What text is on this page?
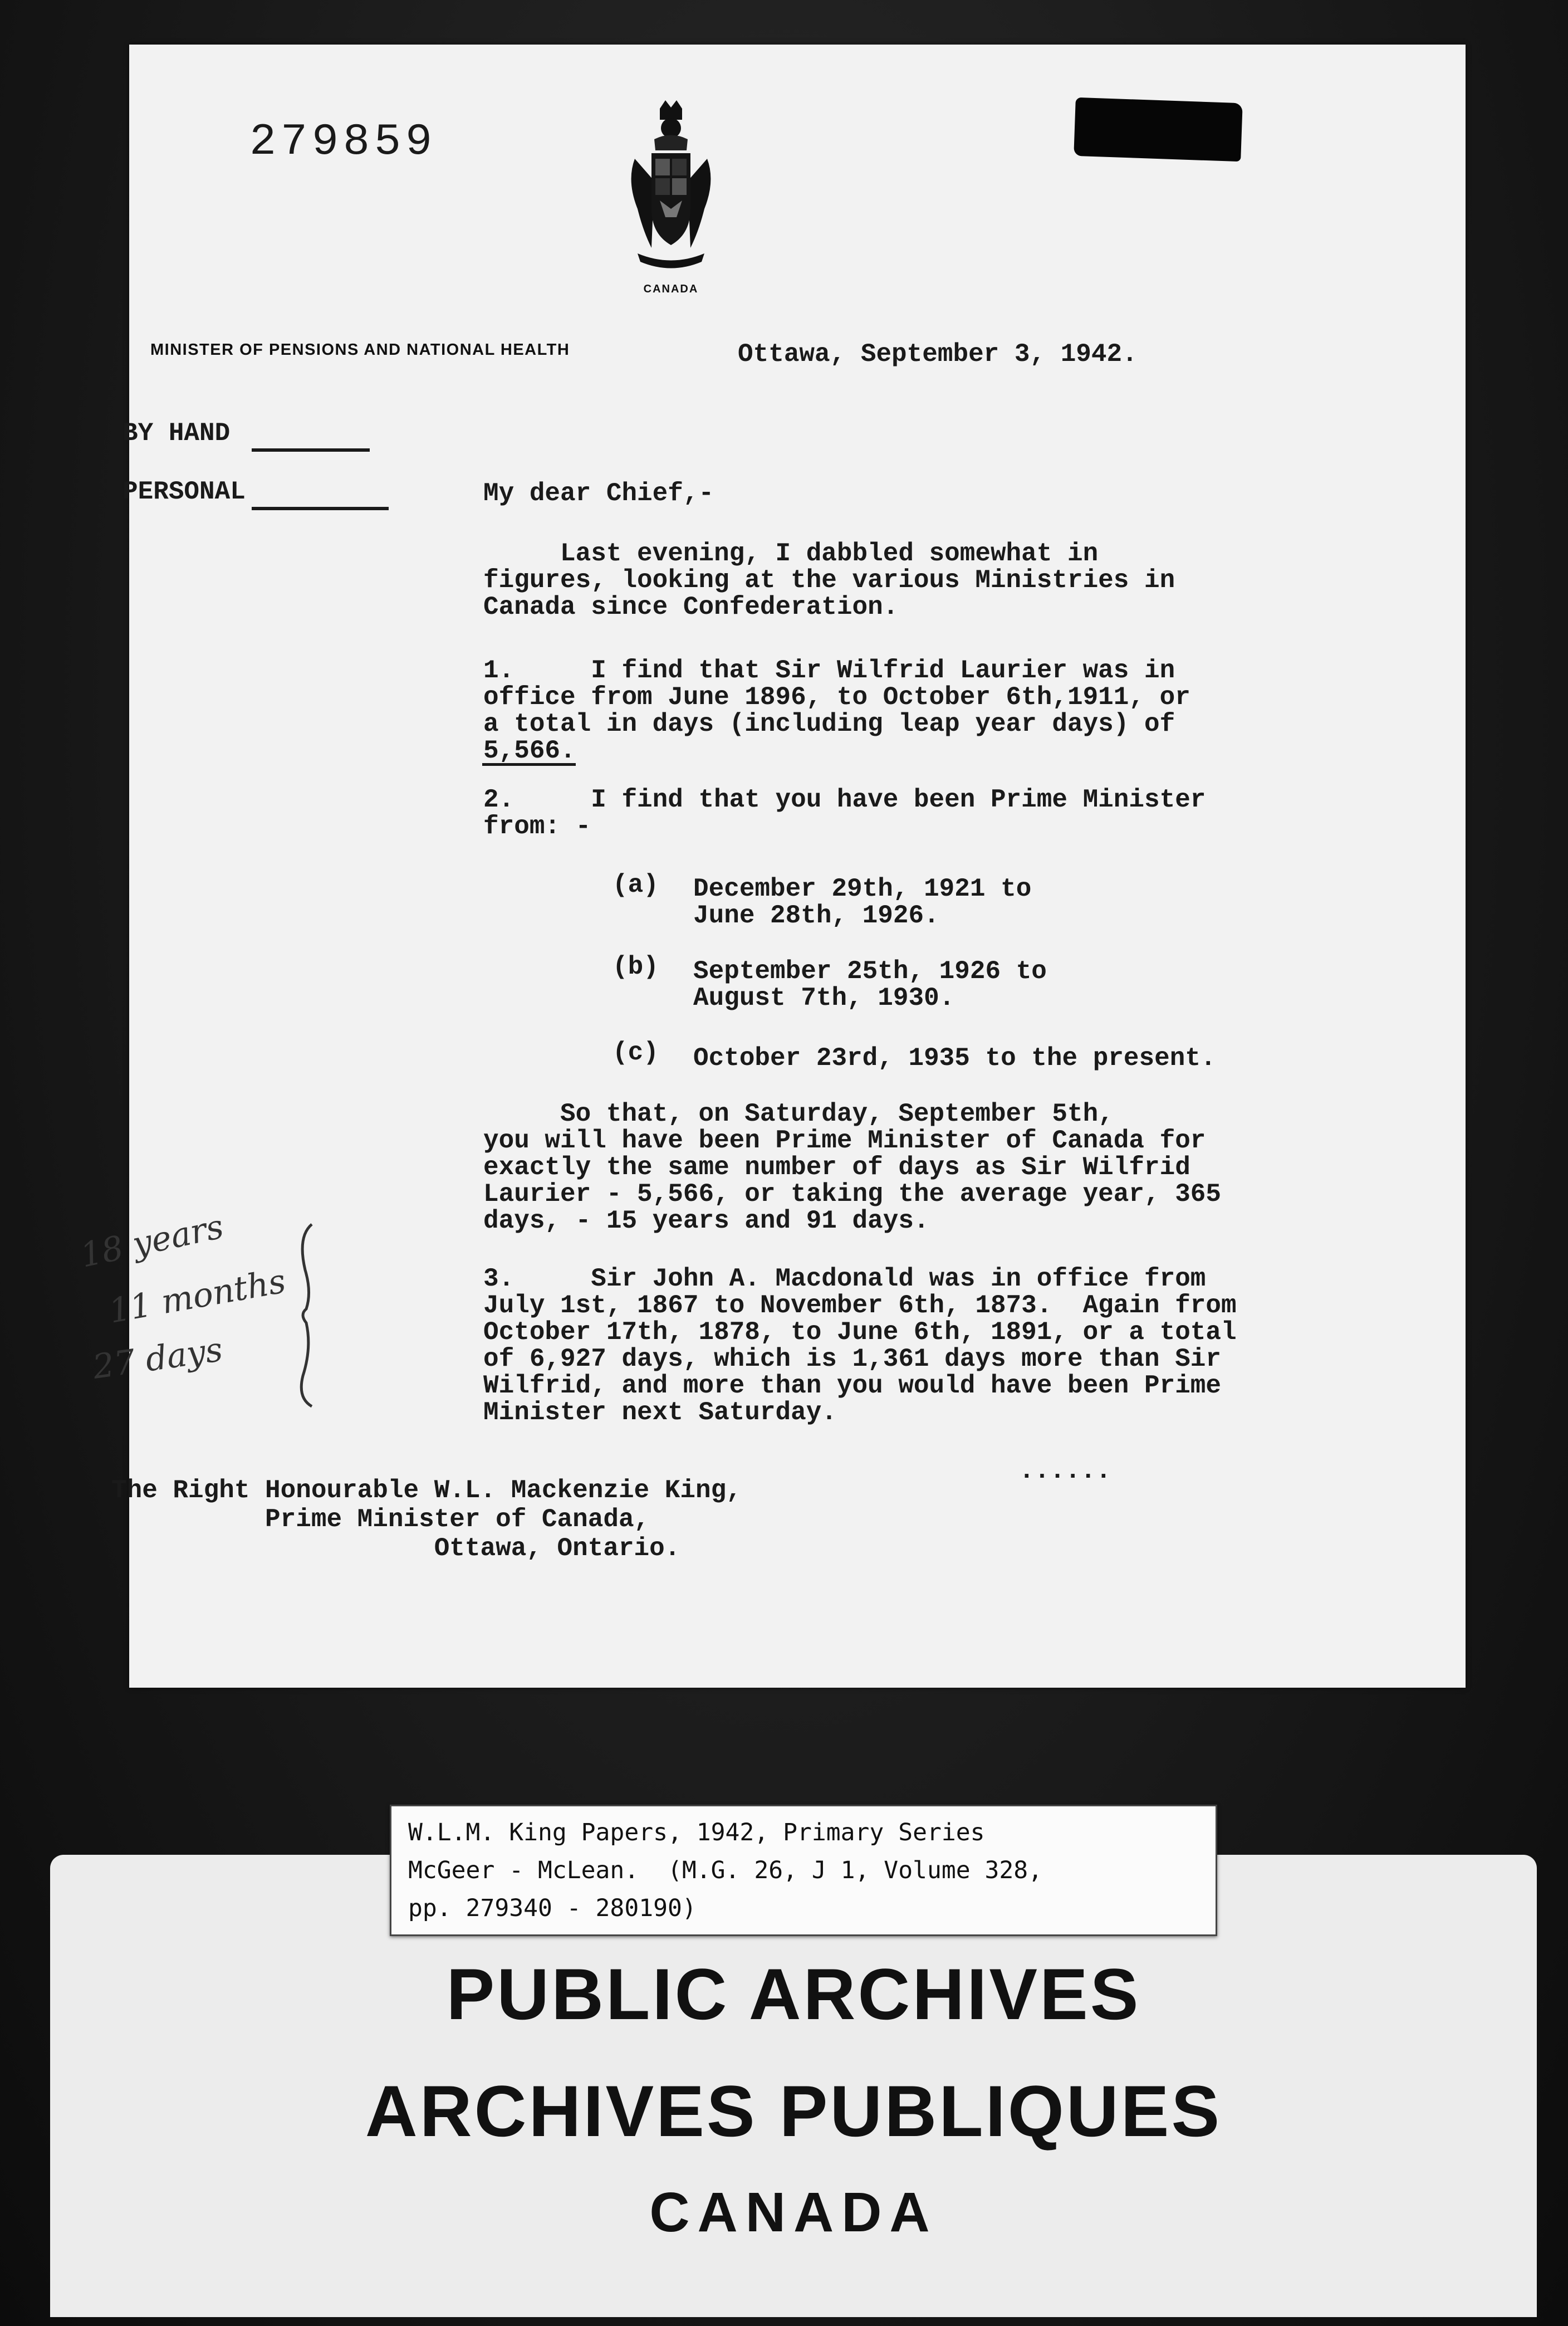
279859
CANADA
MINISTER OF PENSIONS AND NATIONAL HEALTH	Ottawa, September 3, 1942.
BY HAND
PERSONAL	My dear Chief,-
Last evening, I dabbled somewhat in
figures, looking at the various Ministries in
Canada since Confederation.
1.     I find that Sir Wilfrid Laurier was in
office from June 1896, to October 6th,1911, or
a total in days (including leap year days) of
5,566.
2.     I find that you have been Prime Minister
from: -
(a) December 29th, 1921 to
June 28th, 1926.
(b) September 25th, 1926 to
August 7th, 1930.
(c) October 23rd, 1935 to the present.
So that, on Saturday, September 5th,
you will have been Prime Minister of Canada for
exactly the same number of days as Sir Wilfrid
Laurier - 5,566, or taking the average year, 365
days, - 15 years and 91 days.
18 years
11 months
27 days
3.     Sir John A. Macdonald was in office from
July 1st, 1867 to November 6th, 1873.  Again from
October 17th, 1878, to June 6th, 1891, or a total
of 6,927 days, which is 1,361 days more than Sir
Wilfrid, and more than you would have been Prime
Minister next Saturday.
......
The Right Honourable W.L. Mackenzie King,
Prime Minister of Canada,
Ottawa, Ontario.
W.L.M. King Papers, 1942, Primary Series
McGeer - McLean.  (M.G. 26, J 1, Volume 328,
pp. 279340 - 280190)
PUBLIC ARCHIVES
ARCHIVES PUBLIQUES
CANADA
